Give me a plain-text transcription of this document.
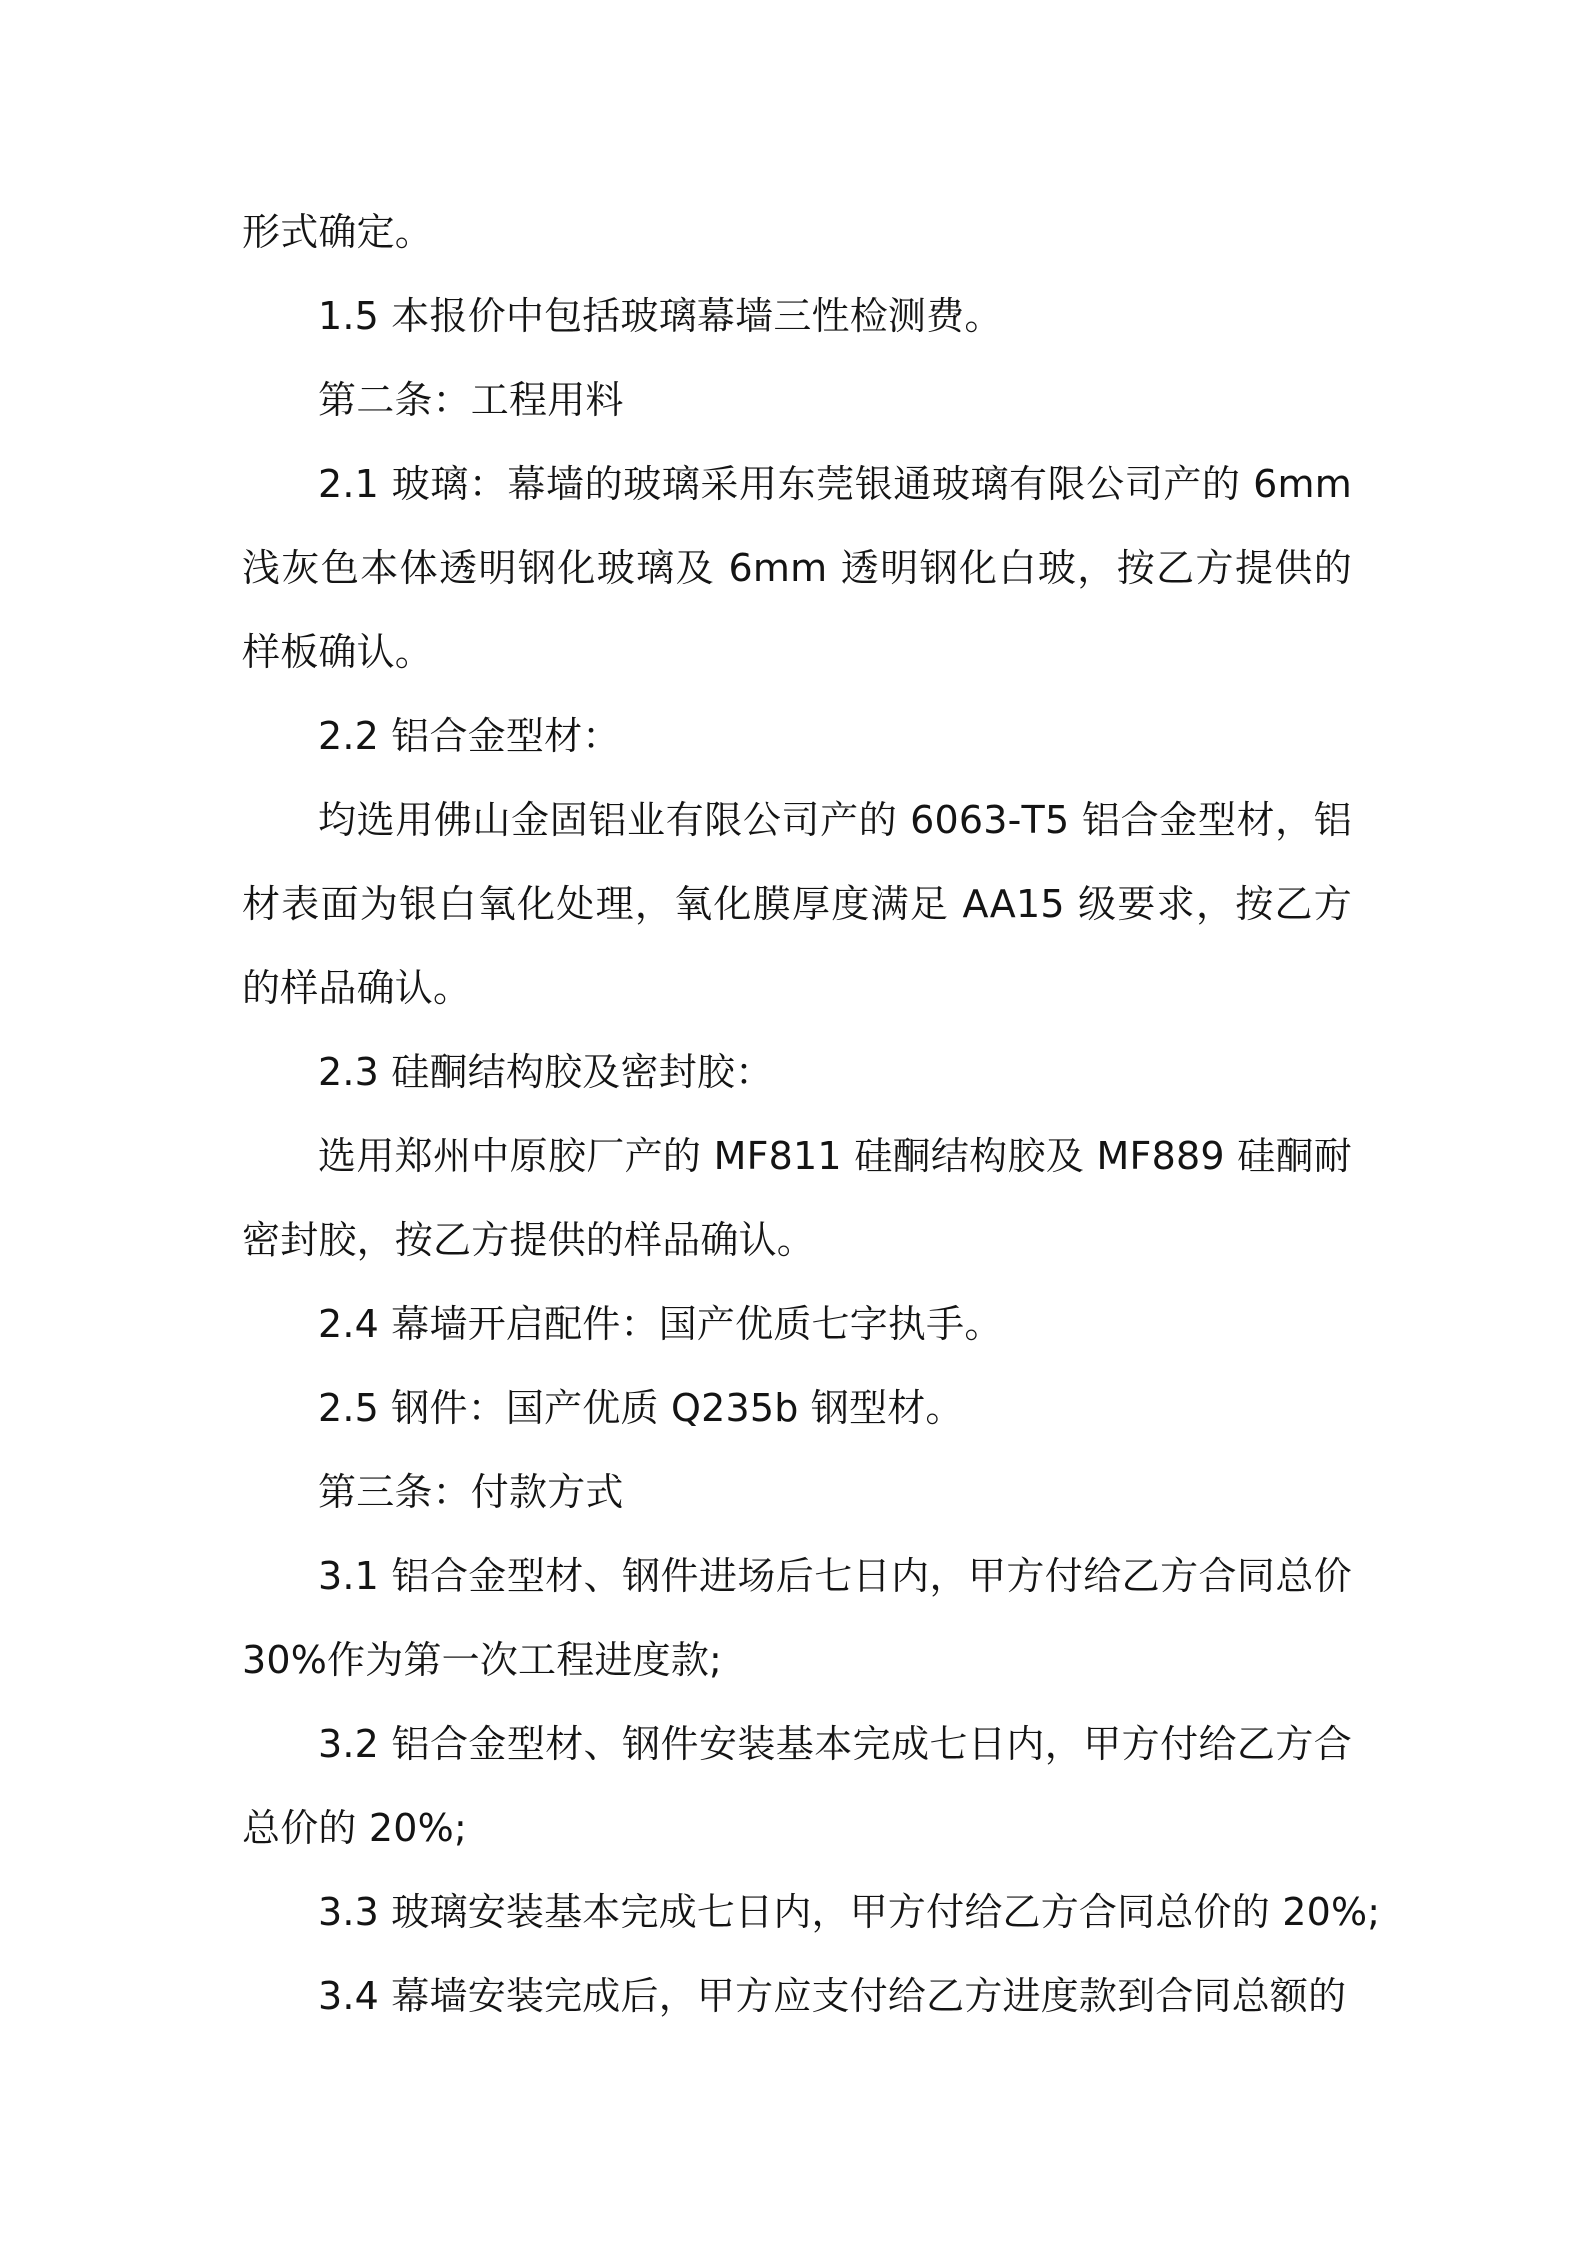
形式确定。
1.5 本报价中包括玻璃幕墙三性检测费。
第二条：工程用料
2.1 玻璃：幕墙的玻璃采用东莞银通玻璃有限公司产的 6mm
浅灰色本体透明钢化玻璃及 6mm 透明钢化白玻，按乙方提供的
样板确认。
2.2 铝合金型材：
均选用佛山金固铝业有限公司产的 6063-T5 铝合金型材，铝
材表面为银白氧化处理，氧化膜厚度满足 AA15 级要求，按乙方
的样品确认。
2.3 硅酮结构胶及密封胶：
选用郑州中原胶厂产的 MF811 硅酮结构胶及 MF889 硅酮耐
密封胶，按乙方提供的样品确认。
2.4 幕墙开启配件：国产优质七字执手。
2.5 钢件：国产优质 Q235b 钢型材。
第三条：付款方式
3.1 铝合金型材、钢件进场后七日内，甲方付给乙方合同总价
30%作为第一次工程进度款;
3.2 铝合金型材、钢件安装基本完成七日内，甲方付给乙方合
总价的 20%;
3.3 玻璃安装基本完成七日内，甲方付给乙方合同总价的 20%;
3.4 幕墙安装完成后，甲方应支付给乙方进度款到合同总额的
